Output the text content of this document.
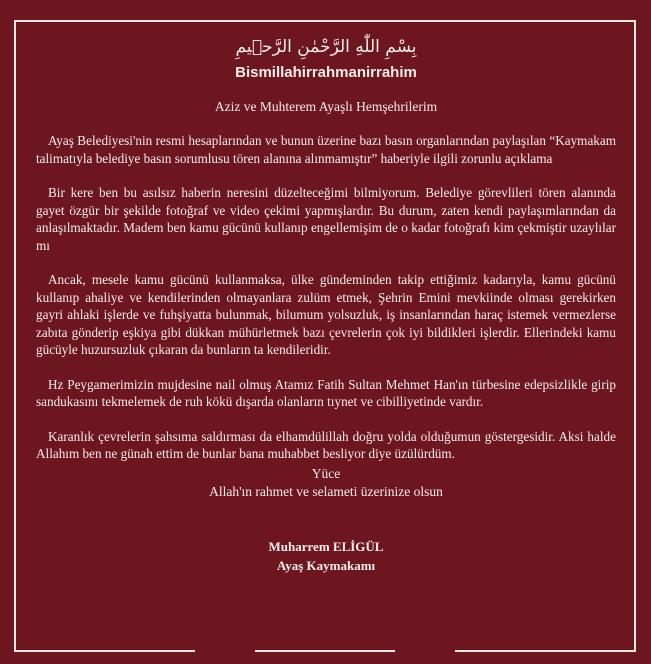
بِسْمِ اللّٰهِ الرَّحْمٰنِ الرَّح۪يمِ
Bismillahirrahmanirrahim
Aziz ve Muhterem Ayaşlı Hemşehrilerim

Ayaş Belediyesi'nin resmi hesaplarından ve bunun üzerine bazı basın organlarından paylaşılan “Kaymakam talimatıyla belediye basın sorumlusu tören alanına alınmamıştır” haberiyle ilgili zorunlu açıklama

Bir kere ben bu asılsız haberin neresini düzelteceğimi bilmiyorum. Belediye görevlileri tören alanında gayet özgür bir şekilde fotoğraf ve video çekimi yapmışlardır. Bu durum, zaten kendi paylaşımlarından da anlaşılmaktadır. Madem ben kamu gücünü kullanıp engellemişim de o kadar fotoğrafı kim çekmiştir uzaylılar mı

Ancak, mesele kamu gücünü kullanmaksa, ülke gündeminden takip ettiğimiz kadarıyla, kamu gücünü kullanıp ahaliye ve kendilerinden olmayanlara zulüm etmek, Şehrin Emini mevkiinde olması gerekirken gayri ahlaki işlerde ve fuhşiyatta bulunmak, bilumum yolsuzluk, iş insanlarından haraç istemek vermezlerse zabıta gönderip eşkiya gibi dükkan mühürletmek bazı çevrelerin çok iyi bildikleri işlerdir. Ellerindeki kamu gücüyle huzursuzluk çıkaran da bunların ta kendileridir.

Hz Peygamerimizin mujdesine nail olmuş Atamız Fatih Sultan Mehmet Han'ın türbesine edepsizlikle girip sandukasını tekmelemek de ruh kökü dışarda olanların tıynet ve cibilliyetinde vardır.

Karanlık çevrelerin şahsıma saldırması da elhamdülillah doğru yolda olduğumun göstergesidir. Aksi halde Allahım ben ne günah ettim de bunlar bana muhabbet besliyor diye üzülürdüm.

Yüce
Allah'ın rahmet ve selameti üzerinize olsun
Muharrem ELİGÜL
Ayaş Kaymakamı
